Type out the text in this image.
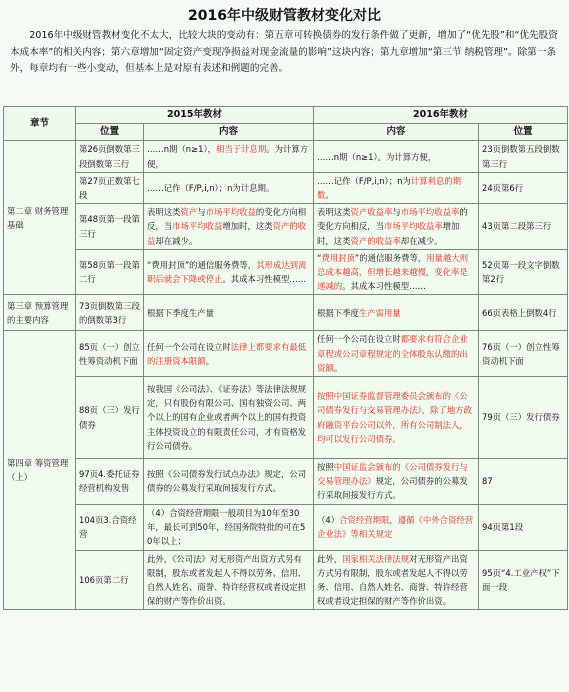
2016年中级财管教材变化对比
2016年中级财管教材变化不太大，比较大块的变动有：第五章可转换债券的发行条件做了更新，增加了“优先股”和“优先股资本成本率”的相关内容；第六章增加“固定资产变现净损益对现金流量的影响”这块内容；第九章增加“第三节 纳税管理”。除第一条外，每章均有一些小变动，但基本上是对原有表述和例题的完善。
章节	2015年教材		2016年教材	
	位置	内容	内容	位置
第二章 财务管理基础	第26页倒数第三段倒数第三行	……n期（n≥1），相当于计息期。为计算方便，	……n期（n≥1）。为计算方便，	23页倒数第五段倒数第三行
	第27页正数第七段	……记作（F/P,i,n）；n为计息期。	……记作（F/P,i,n）；n为计算利息的期数。	24页第6行
	第48页第一段第三行	表明这类资产与市场平均收益的变化方向相反，当市场平均收益增加时，这类资产的收益却在减少。	表明这类资产收益率与市场平均收益率的变化方向相反，当市场平均收益率增加时，这类资产的收益率却在减少。	43页第二段第三行
	第58页第一段第二行	“费用封顶”的通信服务费等，其形成达到离职后就会下降或停止。其成本习性模型……	“费用封顶”的通信服务费等，用量越大则总成本越高，但增长越来越慢，变化率是递减的。其成本习性模型……	52页第一段文字倒数第2行
第三章 预算管理的主要内容	73页倒数第三段的倒数第3行	根据下季度生产量	根据下季度生产需用量	66页表格上倒数4行
第四章 筹资管理（上）	85页（一）创立性筹资动机下面	任何一个公司在设立时法律上都要求有最低的注册资本限额。	任何一个公司在设立时都要求有符合企业章程或公司章程规定的全体股东认缴的出资额。	76页（一）创立性筹资动机下面
	88页（三）发行债券	按我国《公司法》、《证券法》等法律法规规定，只有股份有限公司、国有独资公司、两个以上的国有企业或者两个以上的国有投资主体投资设立的有限责任公司，才有资格发行公司债券。	按照中国证券监督管理委员会颁布的《公司债券发行与交易管理办法》，除了地方政府融资平台公司以外，所有公司制法人，均可以发行公司债券。	79页（三）发行债券
	97页4.委托证券经营机构发售	按照《公司债券发行试点办法》规定，公司债券的公募发行采取间接发行方式。	按照中国证监会颁布的《公司债券发行与交易管理办法》规定，公司债券的公募发行采取间接发行方式。	87
	104页3.合资经营	（4）合资经营期限一般项目为10年至30年，最长可到50年，经国务院特批的可在50年以上；	（4）合资经营期限，遵循《中外合资经营企业法》等相关规定	94页第1段
	106页第二行	此外，《公司法》对无形资产出资方式另有限制，股东或者发起人不得以劳务、信用、自然人姓名、商誉、特许经营权或者设定担保的财产等作价出资。	此外，国家相关法律法规对无形资产出资方式另有限制，股东或者发起人不得以劳务、信用、自然人姓名、商誉、特许经营权或者设定担保的财产等作价出资。	95页“4.工业产权”下面一段
